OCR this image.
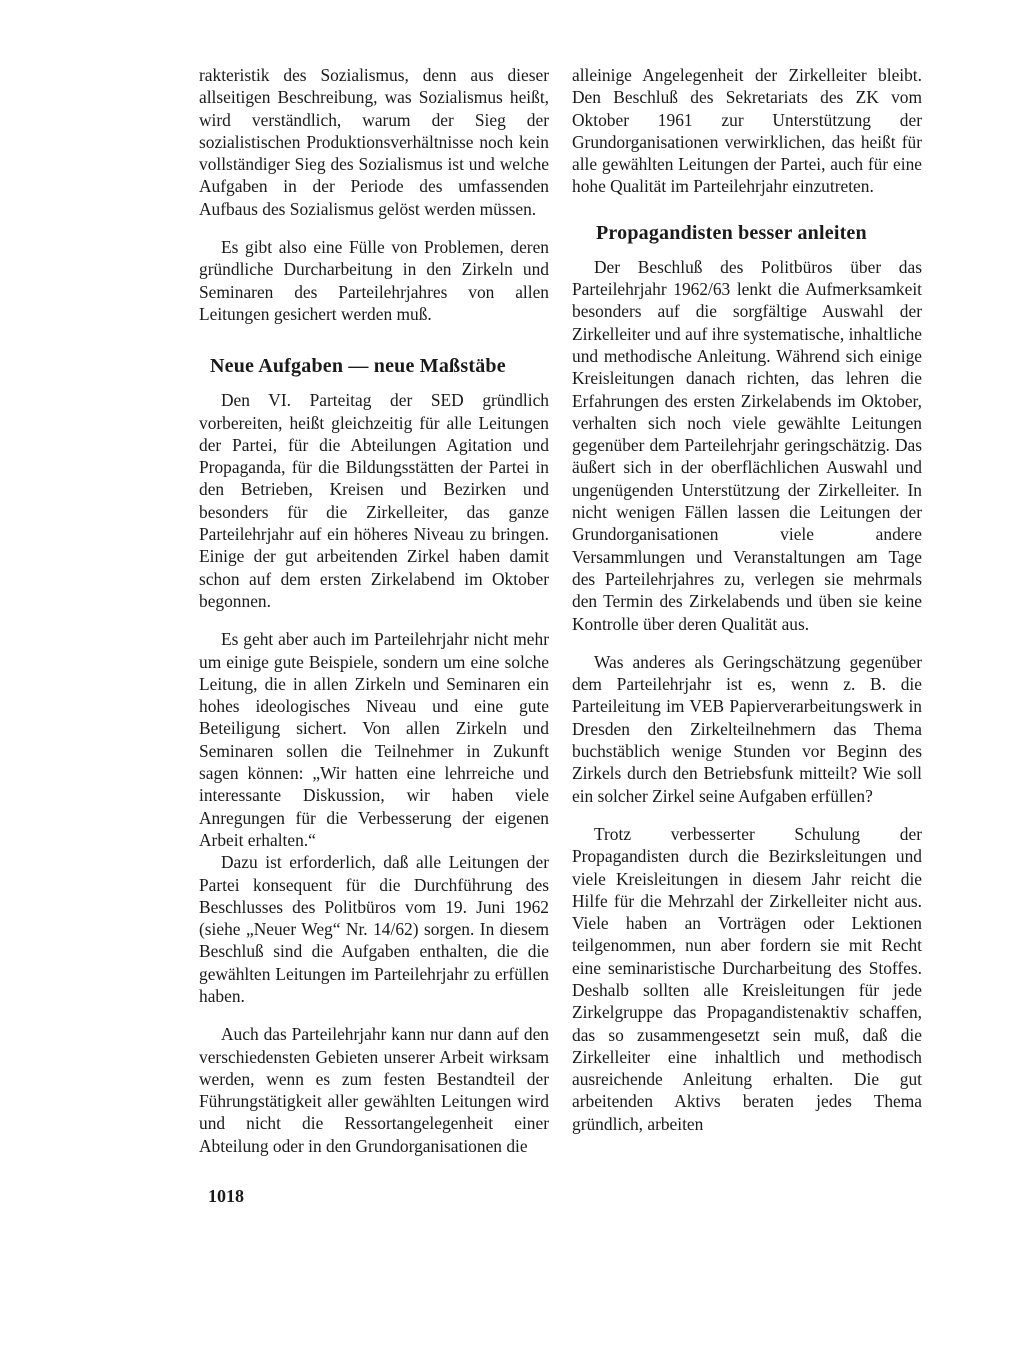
rakteristik des Sozialismus, denn aus dieser allseitigen Beschreibung, was Sozialismus heißt, wird verständlich, warum der Sieg der sozialistischen Produktionsverhältnisse noch kein vollständiger Sieg des Sozialismus ist und welche Aufgaben in der Periode des umfassenden Aufbaus des Sozialismus gelöst werden müssen.

Es gibt also eine Fülle von Problemen, deren gründliche Durcharbeitung in den Zirkeln und Seminaren des Parteilehrjahres von allen Leitungen gesichert werden muß.

Neue Aufgaben — neue Maßstäbe

Den VI. Parteitag der SED gründlich vorbereiten, heißt gleichzeitig für alle Leitungen der Partei, für die Abteilungen Agitation und Propaganda, für die Bildungsstätten der Partei in den Betrieben, Kreisen und Bezirken und besonders für die Zirkelleiter, das ganze Parteilehrjahr auf ein höheres Niveau zu bringen. Einige der gut arbeitenden Zirkel haben damit schon auf dem ersten Zirkelabend im Oktober begonnen.

Es geht aber auch im Parteilehrjahr nicht mehr um einige gute Beispiele, sondern um eine solche Leitung, die in allen Zirkeln und Seminaren ein hohes ideologisches Niveau und eine gute Beteiligung sichert. Von allen Zirkeln und Seminaren sollen die Teilnehmer in Zukunft sagen können: „Wir hatten eine lehrreiche und interessante Diskussion, wir haben viele Anregungen für die Verbesserung der eigenen Arbeit erhalten.“

Dazu ist erforderlich, daß alle Leitungen der Partei konsequent für die Durchführung des Beschlusses des Politbüros vom 19. Juni 1962 (siehe „Neuer Weg“ Nr. 14/62) sorgen. In diesem Beschluß sind die Aufgaben enthalten, die die gewählten Leitungen im Parteilehrjahr zu erfüllen haben.

Auch das Parteilehrjahr kann nur dann auf den verschiedensten Gebieten unserer Arbeit wirksam werden, wenn es zum festen Bestandteil der Führungstätigkeit aller gewählten Leitungen wird und nicht die Ressortangelegenheit einer Abteilung oder in den Grundorganisationen die

alleinige Angelegenheit der Zirkelleiter bleibt. Den Beschluß des Sekretariats des ZK vom Oktober 1961 zur Unterstützung der Grundorganisationen verwirklichen, das heißt für alle gewählten Leitungen der Partei, auch für eine hohe Qualität im Parteilehrjahr einzutreten.

Propagandisten besser anleiten

Der Beschluß des Politbüros über das Parteilehrjahr 1962/63 lenkt die Aufmerksamkeit besonders auf die sorgfältige Auswahl der Zirkelleiter und auf ihre systematische, inhaltliche und methodische Anleitung. Während sich einige Kreisleitungen danach richten, das lehren die Erfahrungen des ersten Zirkelabends im Oktober, verhalten sich noch viele gewählte Leitungen gegenüber dem Parteilehrjahr geringschätzig. Das äußert sich in der oberflächlichen Auswahl und ungenügenden Unterstützung der Zirkelleiter. In nicht wenigen Fällen lassen die Leitungen der Grundorganisationen viele andere Versammlungen und Veranstaltungen am Tage des Parteilehrjahres zu, verlegen sie mehrmals den Termin des Zirkelabends und üben sie keine Kontrolle über deren Qualität aus.

Was anderes als Geringschätzung gegenüber dem Parteilehrjahr ist es, wenn z. B. die Parteileitung im VEB Papierverarbeitungswerk in Dresden den Zirkelteilnehmern das Thema buchstäblich wenige Stunden vor Beginn des Zirkels durch den Betriebsfunk mitteilt? Wie soll ein solcher Zirkel seine Aufgaben erfüllen?

Trotz verbesserter Schulung der Propagandisten durch die Bezirksleitungen und viele Kreisleitungen in diesem Jahr reicht die Hilfe für die Mehrzahl der Zirkelleiter nicht aus. Viele haben an Vorträgen oder Lektionen teilgenommen, nun aber fordern sie mit Recht eine seminaristische Durcharbeitung des Stoffes. Deshalb sollten alle Kreisleitungen für jede Zirkelgruppe das Propagandistenaktiv schaffen, das so zusammengesetzt sein muß, daß die Zirkelleiter eine inhaltlich und methodisch ausreichende Anleitung erhalten. Die gut arbeitenden Aktivs beraten jedes Thema gründlich, arbeiten

1018
